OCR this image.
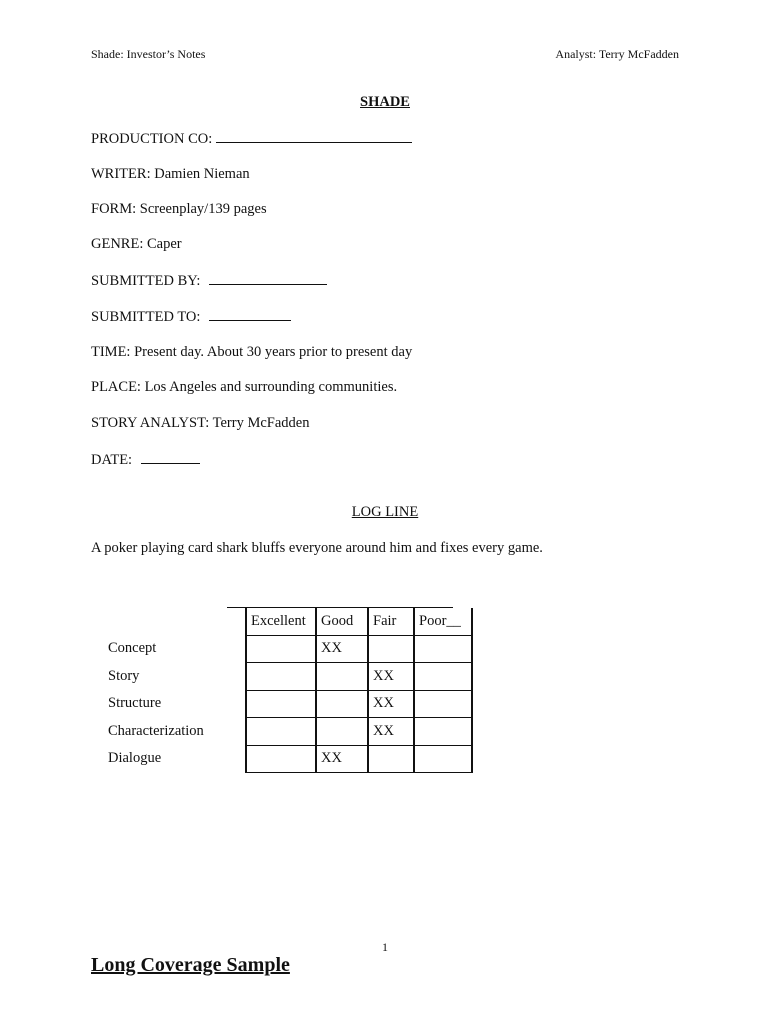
Shade: Investor’s Notes	Analyst: Terry McFadden
SHADE
PRODUCTION CO:
WRITER: Damien Nieman
FORM: Screenplay/139 pages
GENRE: Caper
SUBMITTED BY:
SUBMITTED TO:
TIME: Present day. About 30 years prior to present day
PLACE: Los Angeles and surrounding communities.
STORY ANALYST: Terry McFadden
DATE:
LOG LINE
A poker playing card shark bluffs everyone around him and fixes every game.
	Excellent	Good	Fair	Poor__
Concept		XX		
Story			XX	
Structure			XX	
Characterization			XX	
Dialogue		XX		
1
Long Coverage Sample
